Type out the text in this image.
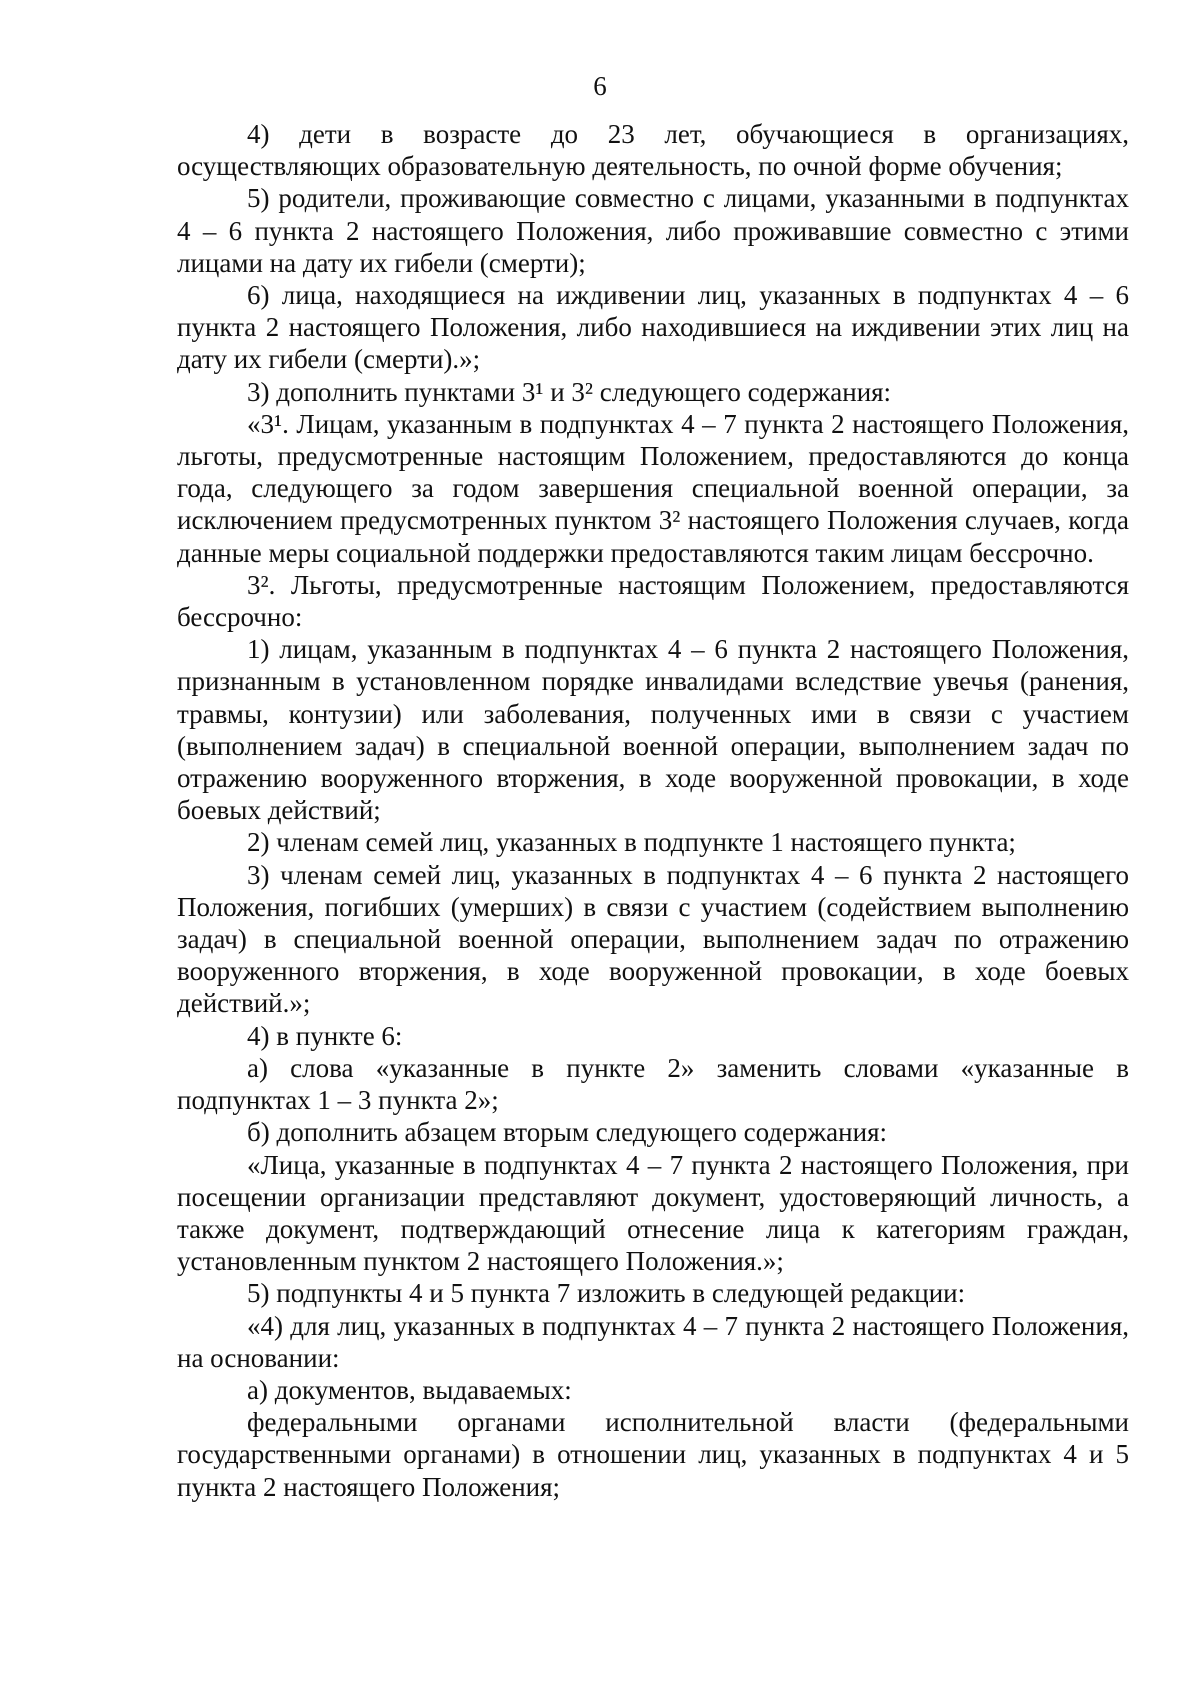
6

4) дети в возрасте до 23 лет, обучающиеся в организациях, осуществляющих образовательную деятельность, по очной форме обучения;

5) родители, проживающие совместно с лицами, указанными в подпунктах 4 – 6 пункта 2 настоящего Положения, либо проживавшие совместно с этими лицами на дату их гибели (смерти);

6) лица, находящиеся на иждивении лиц, указанных в подпунктах 4 – 6 пункта 2 настоящего Положения, либо находившиеся на иждивении этих лиц на дату их гибели (смерти).»;

3) дополнить пунктами 3¹ и 3² следующего содержания:

«3¹. Лицам, указанным в подпунктах 4 – 7 пункта 2 настоящего Положения, льготы, предусмотренные настоящим Положением, предоставляются до конца года, следующего за годом завершения специальной военной операции, за исключением предусмотренных пунктом 3² настоящего Положения случаев, когда данные меры социальной поддержки предоставляются таким лицам бессрочно.

3². Льготы, предусмотренные настоящим Положением, предоставляются бессрочно:

1) лицам, указанным в подпунктах 4 – 6 пункта 2 настоящего Положения, признанным в установленном порядке инвалидами вследствие увечья (ранения, травмы, контузии) или заболевания, полученных ими в связи с участием (выполнением задач) в специальной военной операции, выполнением задач по отражению вооруженного вторжения, в ходе вооруженной провокации, в ходе боевых действий;

2) членам семей лиц, указанных в подпункте 1 настоящего пункта;

3) членам семей лиц, указанных в подпунктах 4 – 6 пункта 2 настоящего Положения, погибших (умерших) в связи с участием (содействием выполнению задач) в специальной военной операции, выполнением задач по отражению вооруженного вторжения, в ходе вооруженной провокации, в ходе боевых действий.»;

4) в пункте 6:

а) слова «указанные в пункте 2» заменить словами «указанные в подпунктах 1 – 3 пункта 2»;

б) дополнить абзацем вторым следующего содержания:

«Лица, указанные в подпунктах 4 – 7 пункта 2 настоящего Положения, при посещении организации представляют документ, удостоверяющий личность, а также документ, подтверждающий отнесение лица к категориям граждан, установленным пунктом 2 настоящего Положения.»;

5) подпункты 4 и 5 пункта 7 изложить в следующей редакции:

«4) для лиц, указанных в подпунктах 4 – 7 пункта 2 настоящего Положения, на основании:

а) документов, выдаваемых:

федеральными органами исполнительной власти (федеральными государственными органами) в отношении лиц, указанных в подпунктах 4 и 5 пункта 2 настоящего Положения;
